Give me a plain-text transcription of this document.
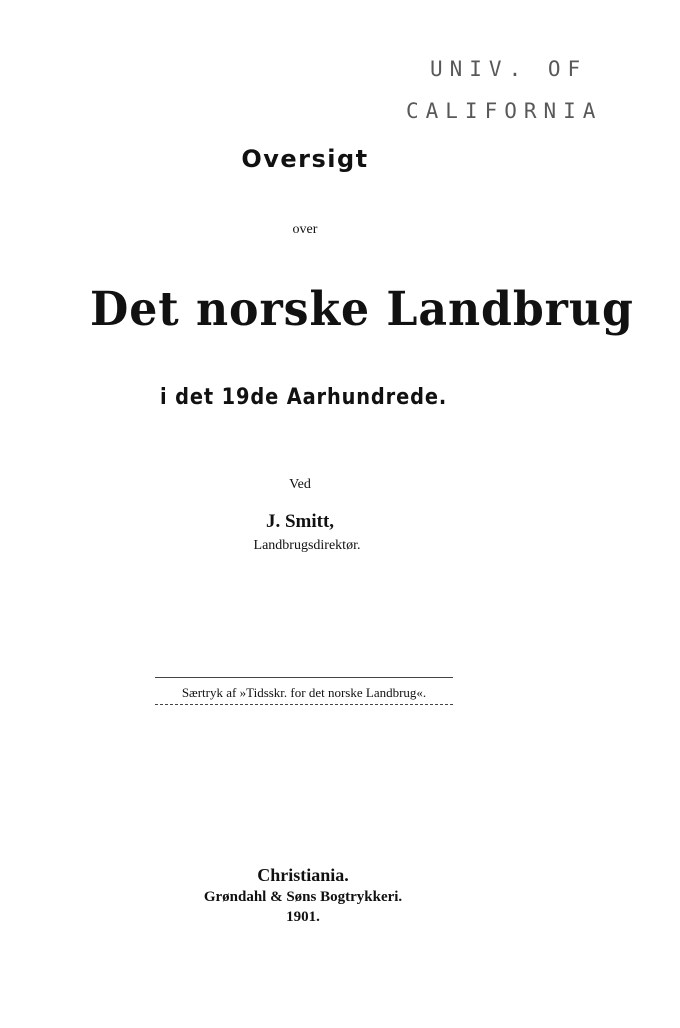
UNIV. OF
CALIFORNIA
Oversigt
over
Det norske Landbrug
i det 19de Aarhundrede.
Ved
J. Smitt,
Landbrugsdirektør.
Særtryk af »Tidsskr. for det norske Landbrug«.
Christiania.
Grøndahl & Søns Bogtrykkeri.
1901.
